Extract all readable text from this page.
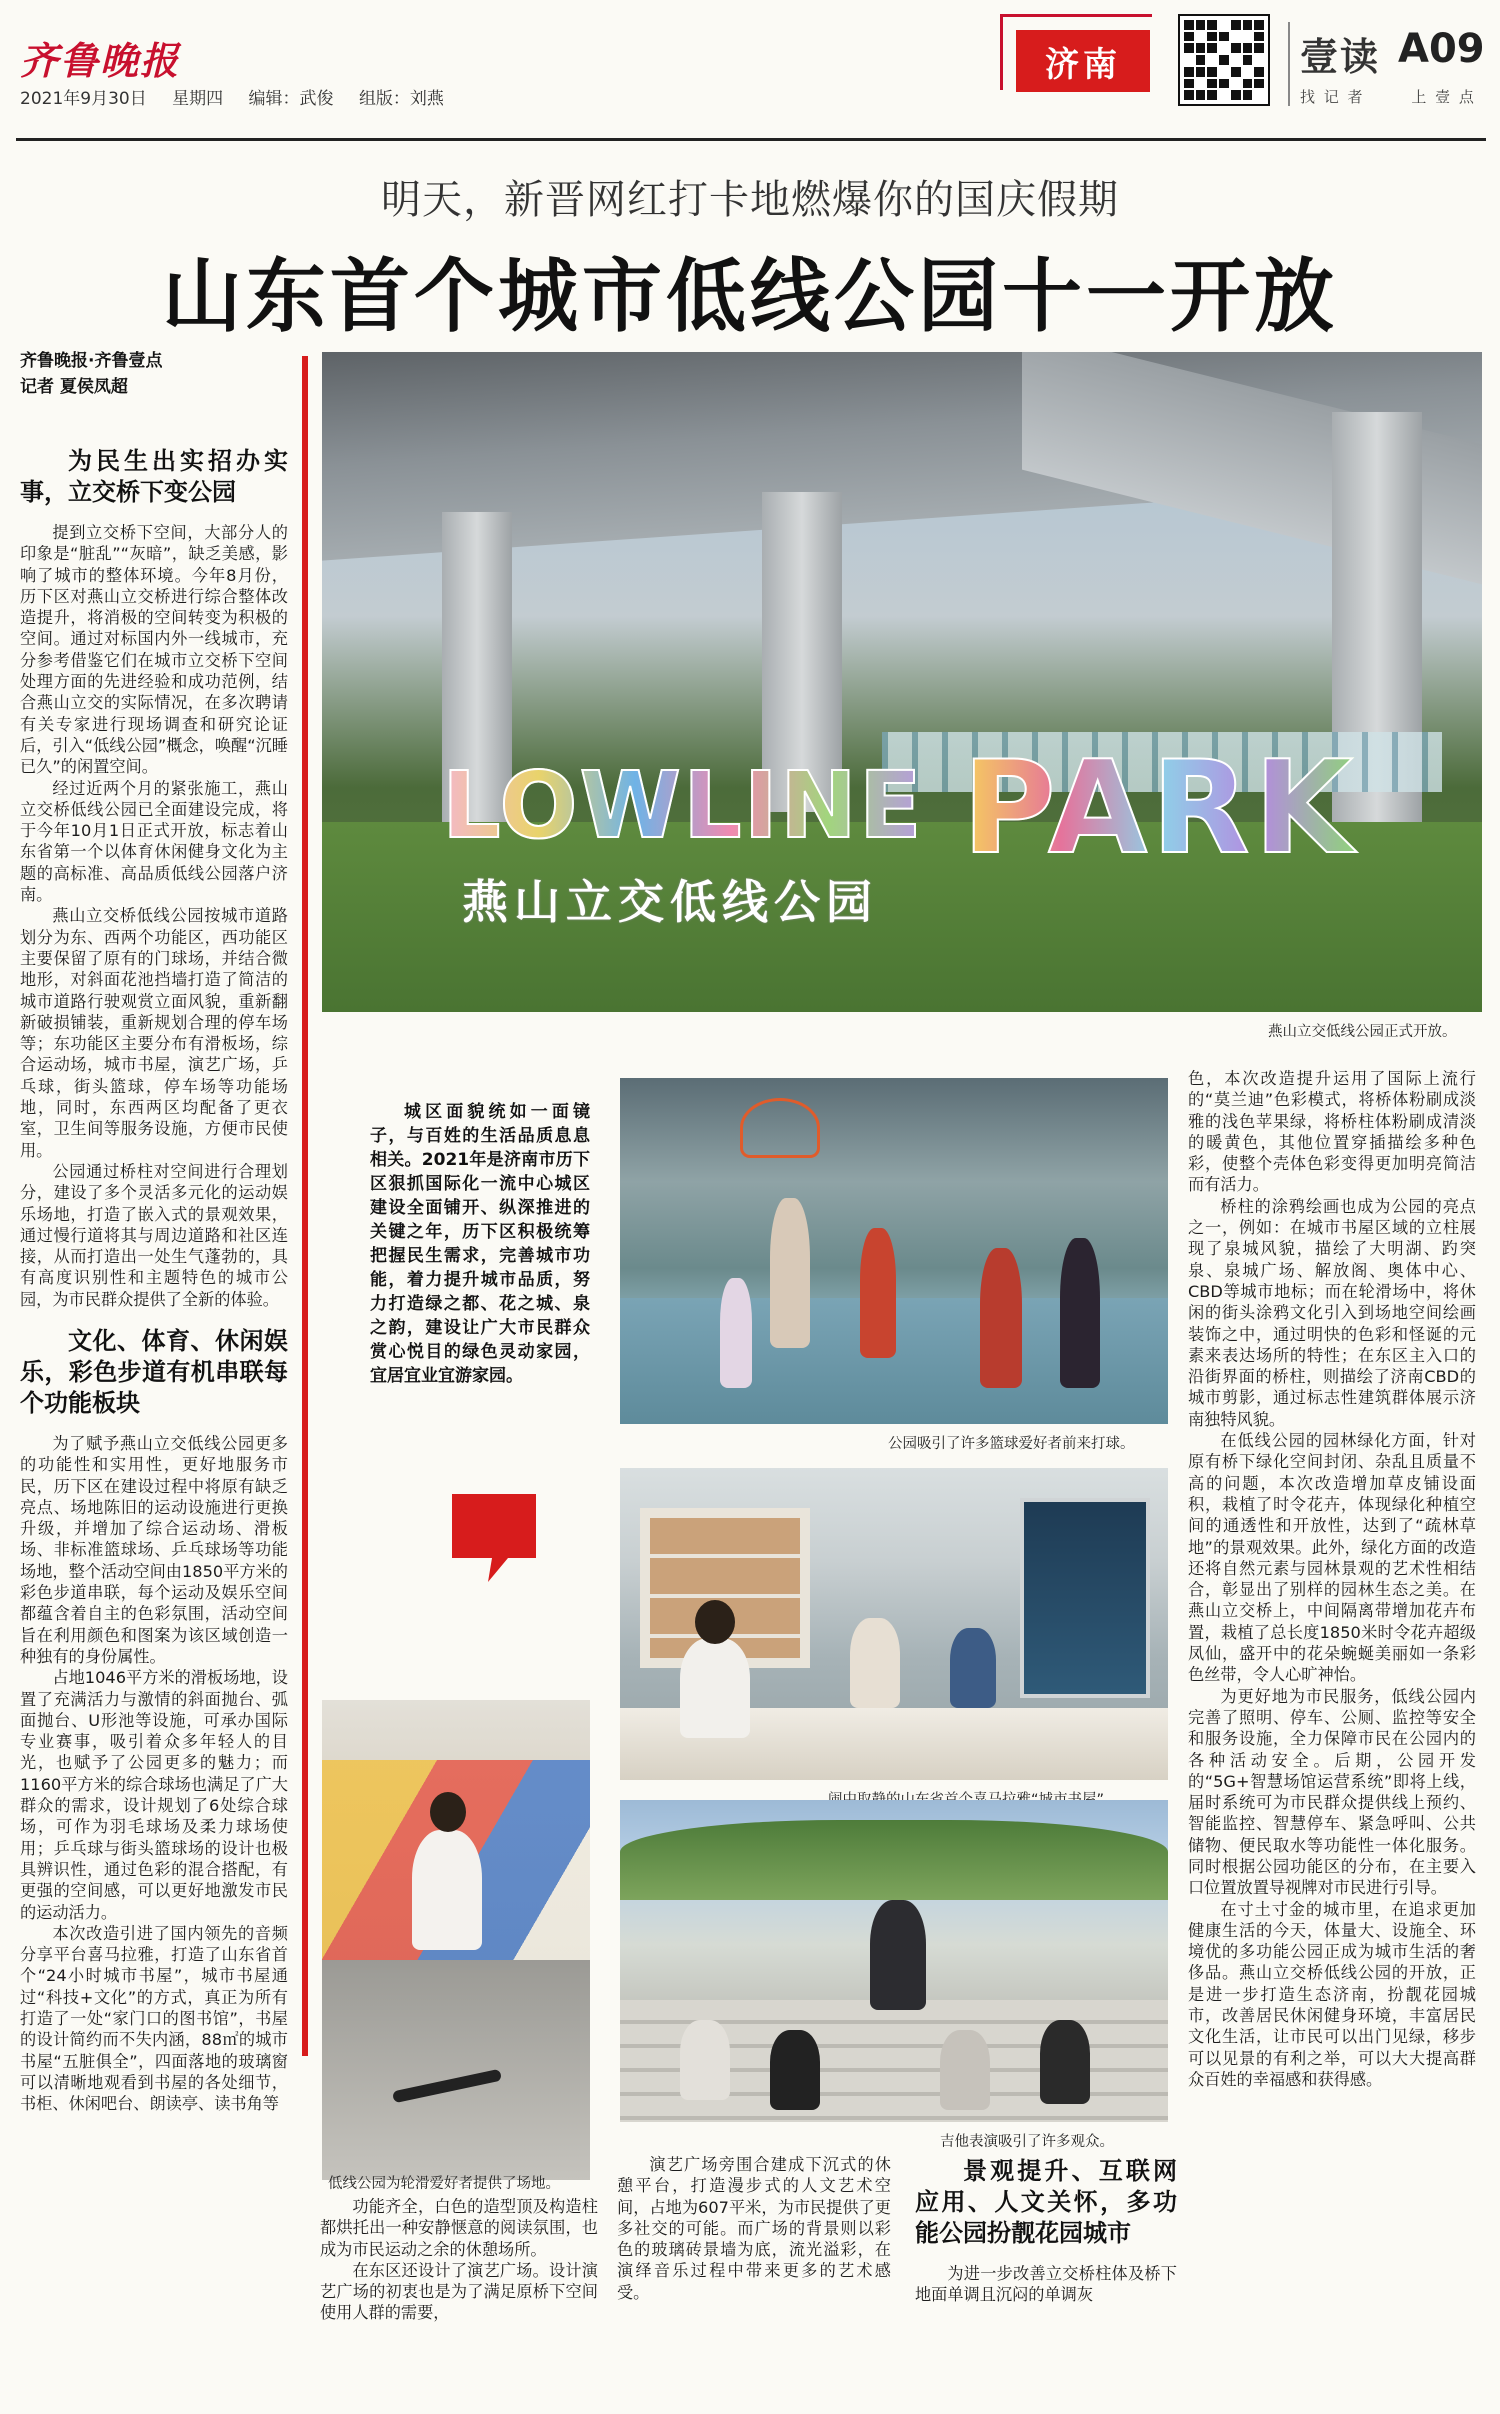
齐鲁晚报
2021年9月30日 星期四 编辑：武俊 组版：刘燕
济南	壹读 A09
找 记 者	上 壹 点
明天，新晋网红打卡地燃爆你的国庆假期
山东首个城市低线公园十一开放
齐鲁晚报·齐鲁壹点
记者 夏侯凤超
为民生出实招办实事，立交桥下变公园

提到立交桥下空间，大部分人的印象是“脏乱”“灰暗”，缺乏美感，影响了城市的整体环境。今年8月份，历下区对燕山立交桥进行综合整体改造提升，将消极的空间转变为积极的空间。通过对标国内外一线城市，充分参考借鉴它们在城市立交桥下空间处理方面的先进经验和成功范例，结合燕山立交的实际情况，在多次聘请有关专家进行现场调查和研究论证后，引入“低线公园”概念，唤醒“沉睡已久”的闲置空间。

经过近两个月的紧张施工，燕山立交桥低线公园已全面建设完成，将于今年10月1日正式开放，标志着山东省第一个以体育休闲健身文化为主题的高标准、高品质低线公园落户济南。

燕山立交桥低线公园按城市道路划分为东、西两个功能区，西功能区主要保留了原有的门球场，并结合微地形，对斜面花池挡墙打造了简洁的城市道路行驶观赏立面风貌，重新翻新破损铺装，重新规划合理的停车场等；东功能区主要分布有滑板场，综合运动场，城市书屋，演艺广场，乒乓球，街头篮球，停车场等功能场地，同时，东西两区均配备了更衣室，卫生间等服务设施，方便市民使用。

公园通过桥柱对空间进行合理划分，建设了多个灵活多元化的运动娱乐场地，打造了嵌入式的景观效果，通过慢行道将其与周边道路和社区连接，从而打造出一处生气蓬勃的，具有高度识别性和主题特色的城市公园，为市民群众提供了全新的体验。

文化、体育、休闲娱乐，彩色步道有机串联每个功能板块

为了赋予燕山立交低线公园更多的功能性和实用性，更好地服务市民，历下区在建设过程中将原有缺乏亮点、场地陈旧的运动设施进行更换升级，并增加了综合运动场、滑板场、非标准篮球场、乒乓球场等功能场地，整个活动空间由1850平方米的彩色步道串联，每个运动及娱乐空间都蕴含着自主的色彩氛围，活动空间旨在利用颜色和图案为该区域创造一种独有的身份属性。

占地1046平方米的滑板场地，设置了充满活力与激情的斜面抛台、弧面抛台、U形池等设施，可承办国际专业赛事，吸引着众多年轻人的目光，也赋予了公园更多的魅力；而1160平方米的综合球场也满足了广大群众的需求，设计规划了6处综合球场，可作为羽毛球场及柔力球场使用；乒乓球与街头篮球场的设计也极具辨识性，通过色彩的混合搭配，有更强的空间感，可以更好地激发市民的运动活力。

本次改造引进了国内领先的音频分享平台喜马拉雅，打造了山东省首个“24小时城市书屋”，城市书屋通过“科技+文化”的方式，真正为所有打造了一处“家门口的图书馆”，书屋的设计简约而不失内涵，88㎡的城市书屋“五脏俱全”，四面落地的玻璃窗可以清晰地观看到书屋的各处细节，书柜、休闲吧台、朗读亭、读书角等

LOWLINE PARK
燕山立交低线公园
燕山立交低线公园正式开放。

城区面貌统如一面镜子，与百姓的生活品质息息相关。2021年是济南市历下区狠抓国际化一流中心城区建设全面铺开、纵深推进的关键之年，历下区积极统筹把握民生需求，完善城市功能，着力提升城市品质，努力打造绿之都、花之城、泉之韵，建设让广大市民群众赏心悦目的绿色灵动家园，宜居宜业宜游家园。

公园吸引了许多篮球爱好者前来打球。
低线公园为轮滑爱好者提供了场地。
吉他表演吸引了许多观众。

功能齐全，白色的造型顶及构造柱都烘托出一种安静惬意的阅读氛围，也成为市民运动之余的休憩场所。

在东区还设计了演艺广场。设计演艺广场的初衷也是为了满足原桥下空间使用人群的需要，

演艺广场旁围合建成下沉式的休憩平台，打造漫步式的人文艺术空间，占地为607平米，为市民提供了更多社交的可能。而广场的背景则以彩色的玻璃砖景墙为底，流光溢彩，在演绎音乐过程中带来更多的艺术感受。

景观提升、互联网应用、人文关怀，多功能公园扮靓花园城市

为进一步改善立交桥柱体及桥下地面单调且沉闷的单调灰

色，本次改造提升运用了国际上流行的“莫兰迪”色彩模式，将桥体粉刷成淡雅的浅色苹果绿，将桥柱体粉刷成清淡的暖黄色，其他位置穿插描绘多种色彩，使整个壳体色彩变得更加明亮简洁而有活力。

桥柱的涂鸦绘画也成为公园的亮点之一，例如：在城市书屋区域的立柱展现了泉城风貌，描绘了大明湖、趵突泉、泉城广场、解放阁、奥体中心、CBD等城市地标；而在轮滑场中，将休闲的街头涂鸦文化引入到场地空间绘画装饰之中，通过明快的色彩和怪诞的元素来表达场所的特性；在东区主入口的沿街界面的桥柱，则描绘了济南CBD的城市剪影，通过标志性建筑群体展示济南独特风貌。

在低线公园的园林绿化方面，针对原有桥下绿化空间封闭、杂乱且质量不高的问题，本次改造增加草皮铺设面积，栽植了时令花卉，体现绿化种植空间的通透性和开放性，达到了“疏林草地”的景观效果。此外，绿化方面的改造还将自然元素与园林景观的艺术性相结合，彰显出了别样的园林生态之美。在燕山立交桥上，中间隔离带增加花卉布置，栽植了总长度1850米时令花卉超级凤仙，盛开中的花朵蜿蜒美丽如一条彩色丝带，令人心旷神怡。

为更好地为市民服务，低线公园内完善了照明、停车、公厕、监控等安全和服务设施，全力保障市民在公园内的各种活动安全。后期，公园开发的“5G+智慧场馆运营系统”即将上线，届时系统可为市民群众提供线上预约、智能监控、智慧停车、紧急呼叫、公共储物、便民取水等功能性一体化服务。同时根据公园功能区的分布，在主要入口位置放置导视牌对市民进行引导。

在寸土寸金的城市里，在追求更加健康生活的今天，体量大、设施全、环境优的多功能公园正成为城市生活的奢侈品。燕山立交桥低线公园的开放，正是进一步打造生态济南，扮靓花园城市，改善居民休闲健身环境，丰富居民文化生活，让市民可以出门见绿，移步可以见景的有利之举，可以大大提高群众百姓的幸福感和获得感。
